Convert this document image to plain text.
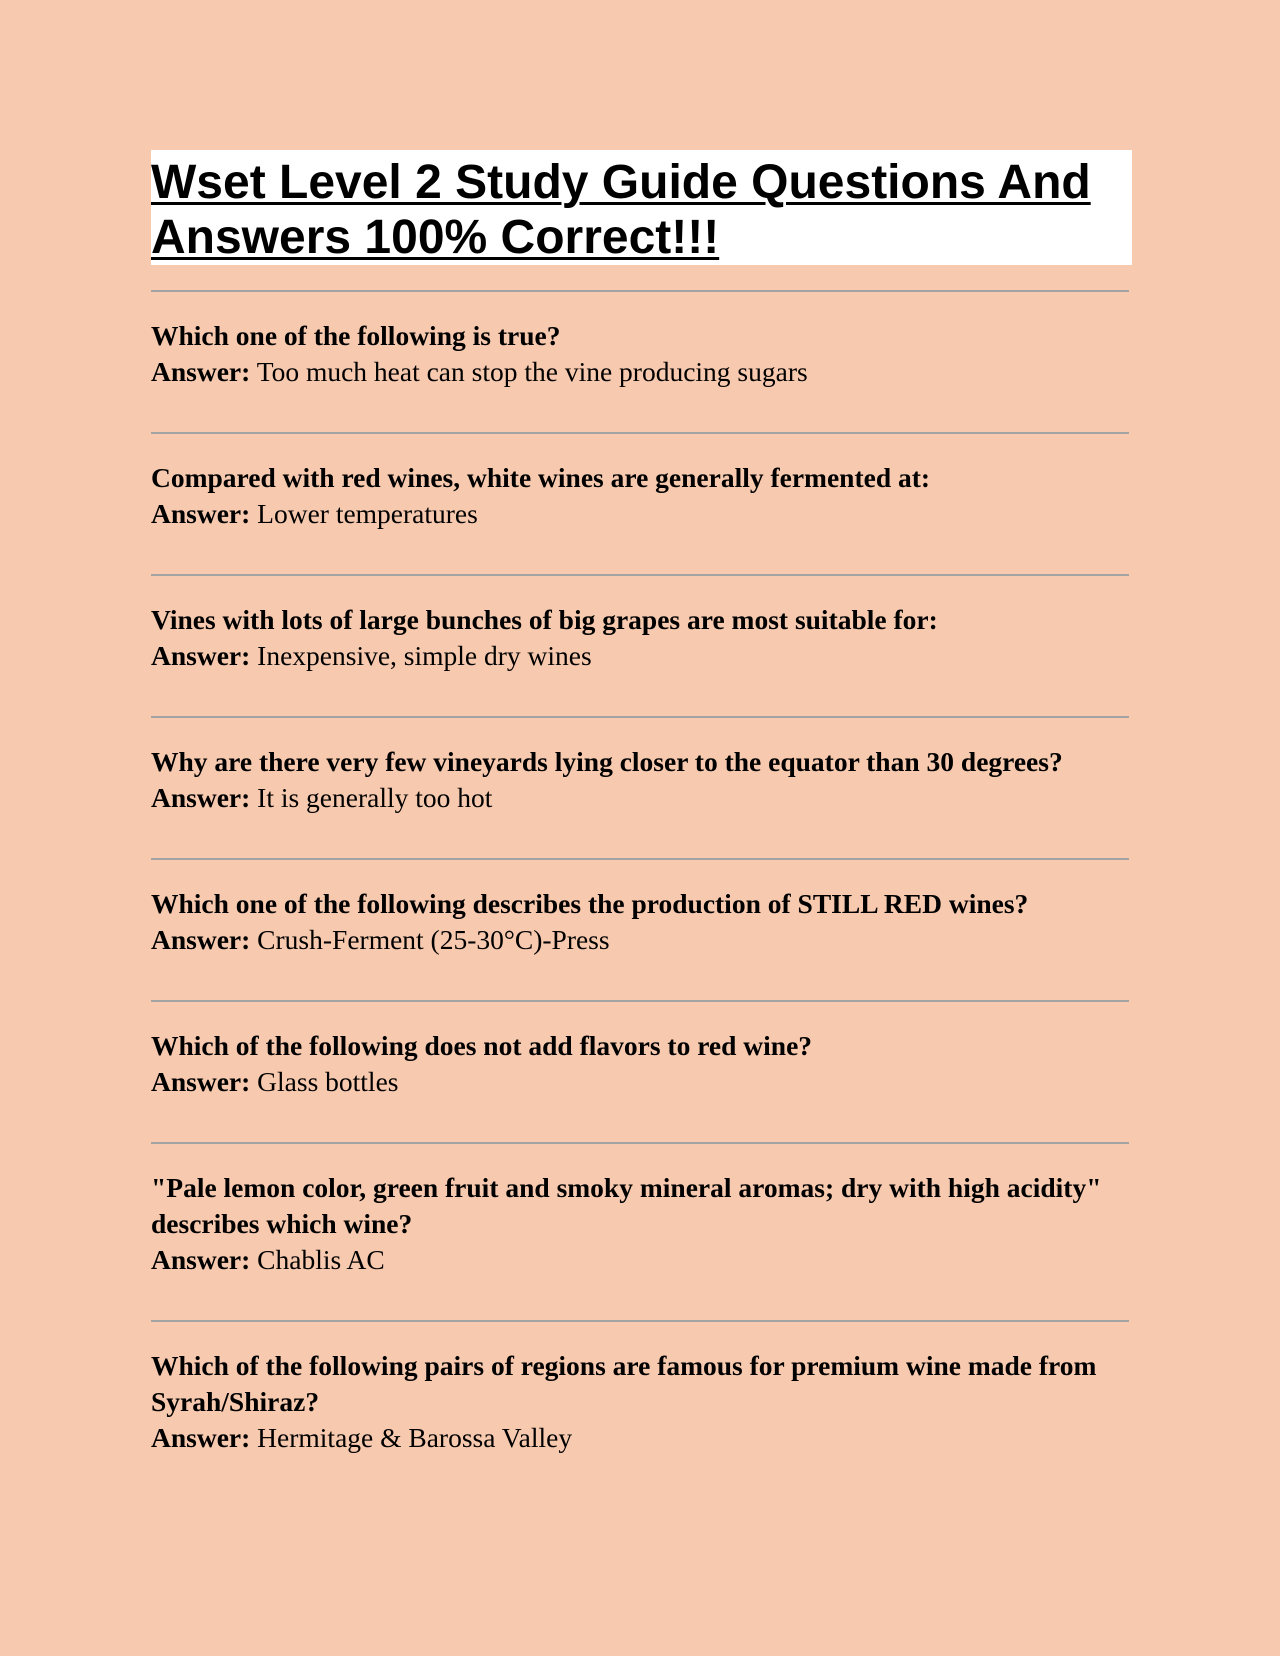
Wset Level 2 Study Guide Questions And Answers 100% Correct!!!

Which one of the following is true?

Answer: Too much heat can stop the vine producing sugars

Compared with red wines, white wines are generally fermented at:

Answer: Lower temperatures

Vines with lots of large bunches of big grapes are most suitable for:

Answer: Inexpensive, simple dry wines

Why are there very few vineyards lying closer to the equator than 30 degrees?

Answer: It is generally too hot

Which one of the following describes the production of STILL RED wines?

Answer: Crush-Ferment (25-30°C)-Press

Which of the following does not add flavors to red wine?

Answer: Glass bottles

"Pale lemon color, green fruit and smoky mineral aromas; dry with high acidity" describes which wine?

Answer: Chablis AC

Which of the following pairs of regions are famous for premium wine made from Syrah/Shiraz?

Answer: Hermitage & Barossa Valley
